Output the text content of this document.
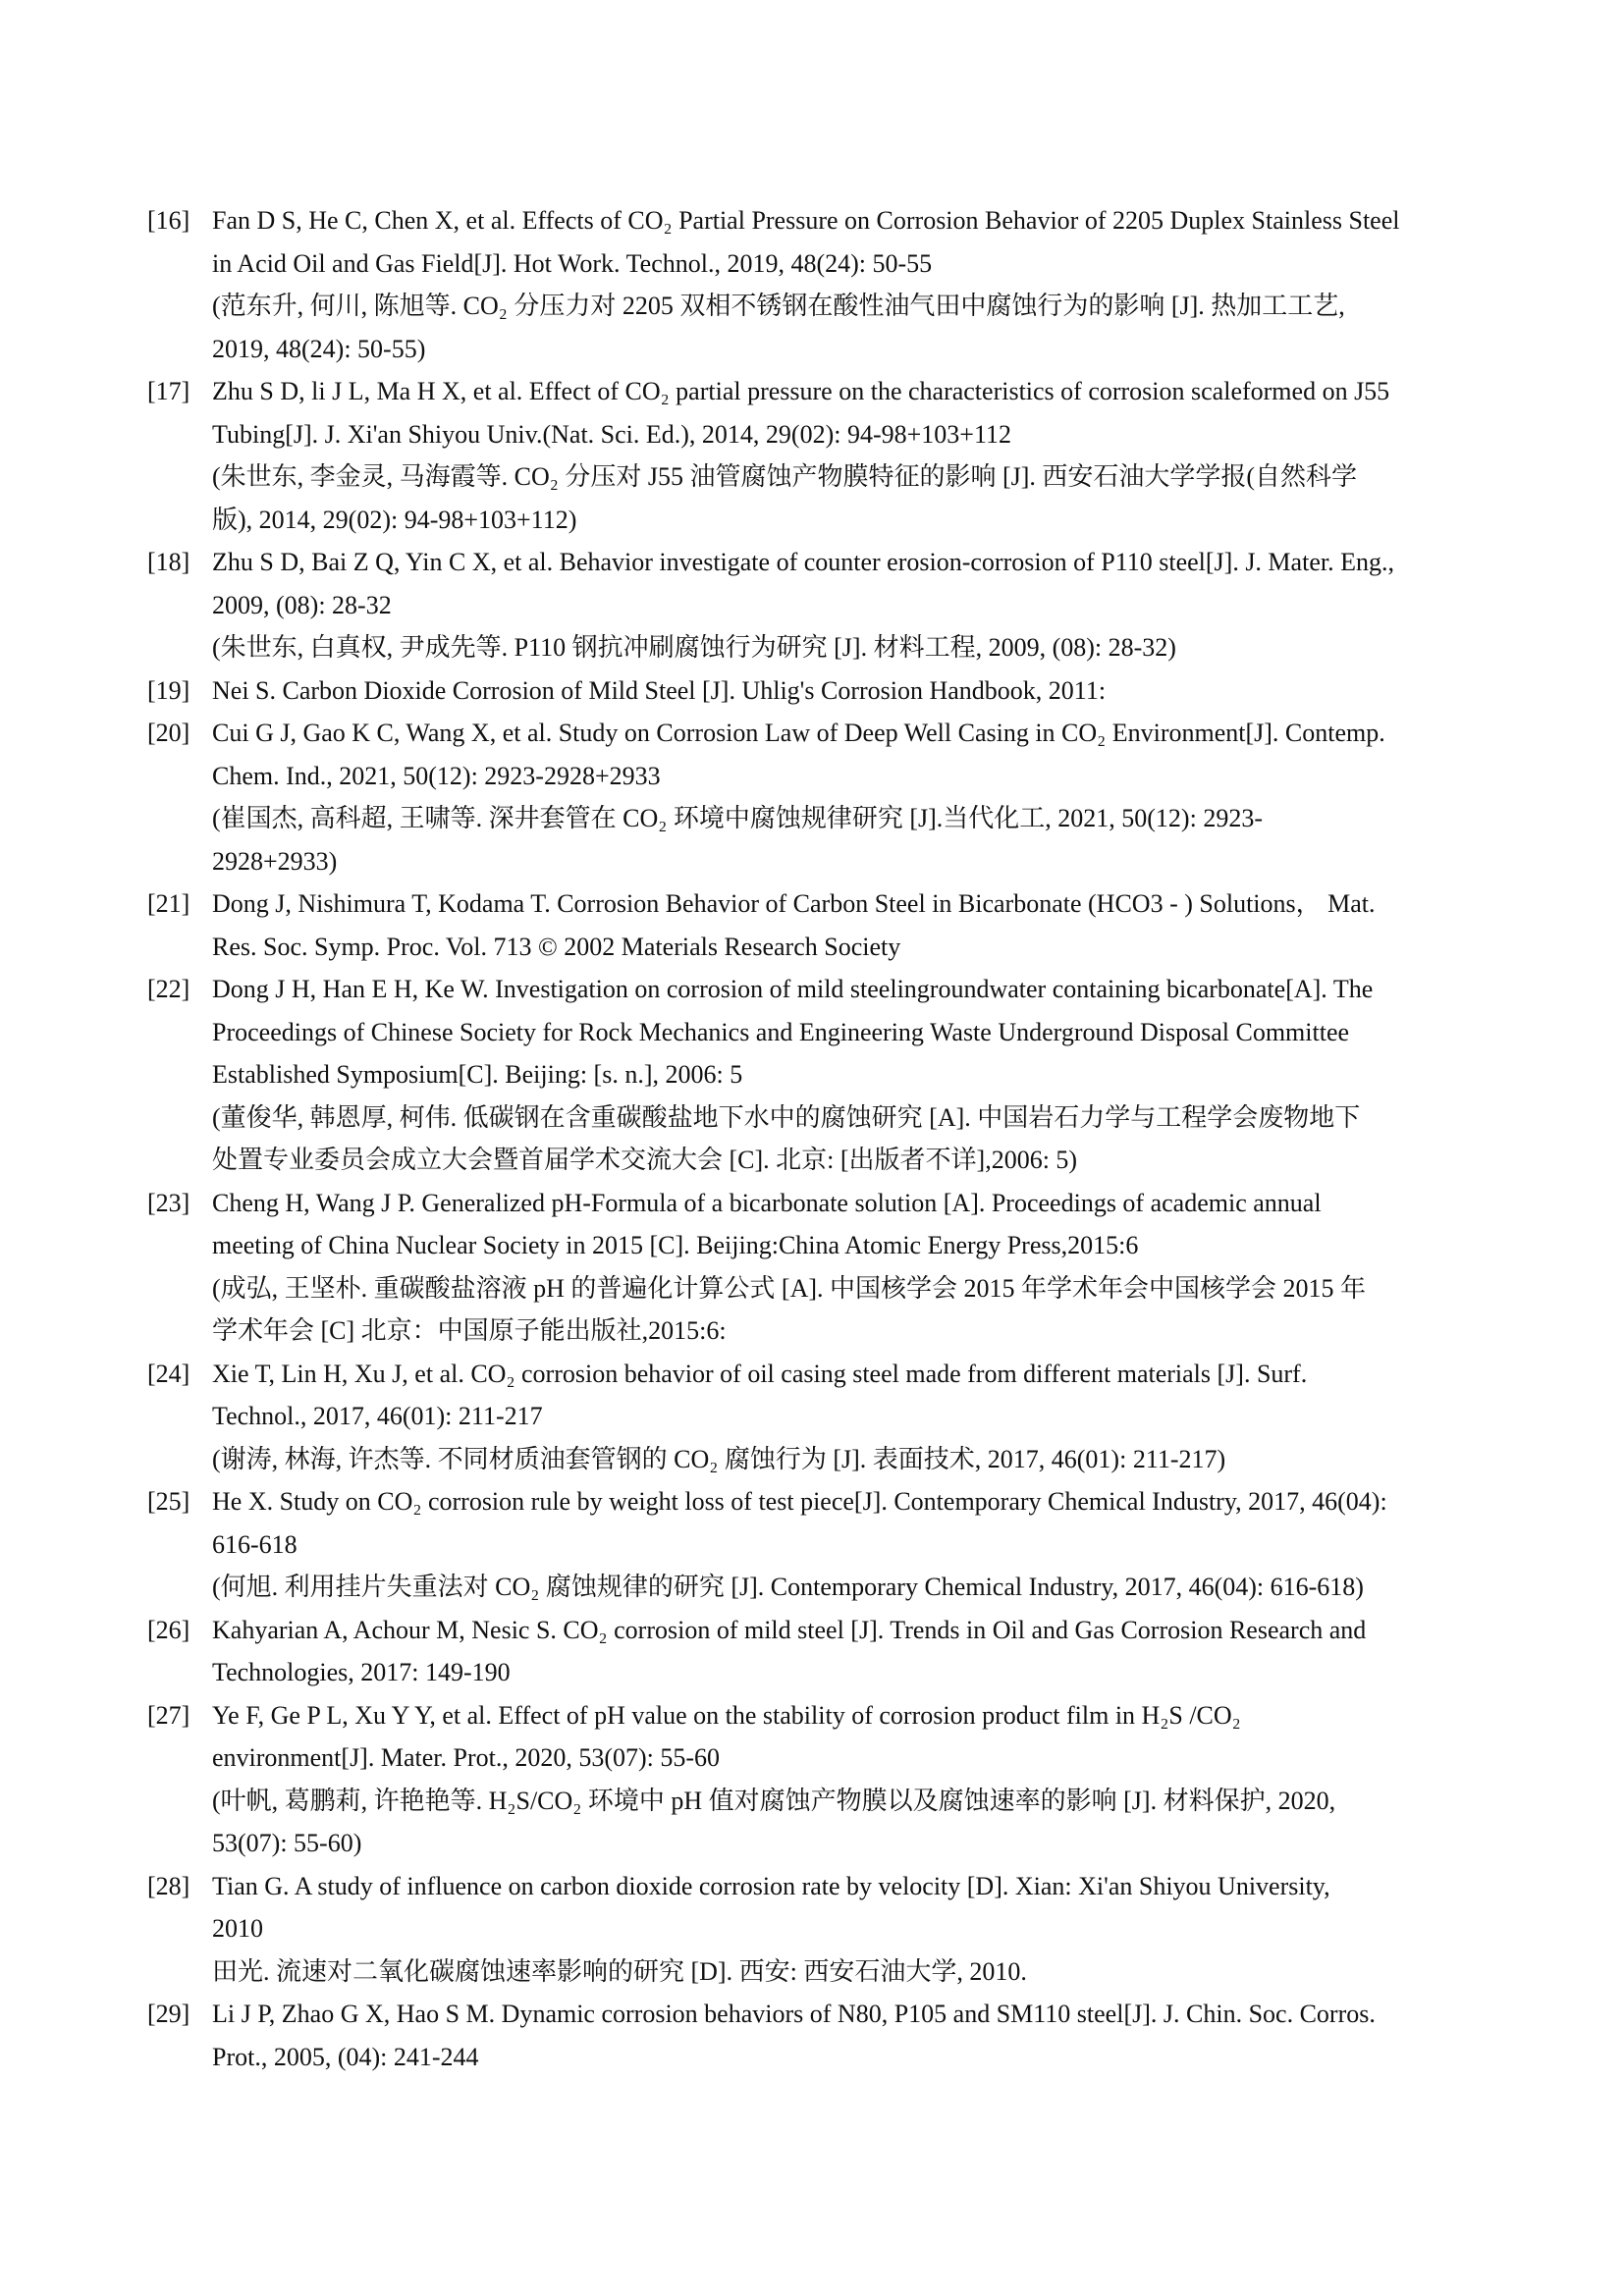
[16] Fan D S, He C, Chen X, et al. Effects of CO₂ Partial Pressure on Corrosion Behavior of 2205 Duplex Stainless Steel
in Acid Oil and Gas Field[J]. Hot Work. Technol., 2019, 48(24): 50-55
(范东升, 何川, 陈旭等. CO₂ 分压力对 2205 双相不锈钢在酸性油气田中腐蚀行为的影响 [J]. 热加工工艺,
2019, 48(24): 50-55)
[17] Zhu S D, li J L, Ma H X, et al. Effect of CO₂ partial pressure on the characteristics of corrosion scaleformed on J55
Tubing[J]. J. Xi'an Shiyou Univ.(Nat. Sci. Ed.), 2014, 29(02): 94-98+103+112
(朱世东, 李金灵, 马海霞等. CO₂ 分压对 J55 油管腐蚀产物膜特征的影响 [J]. 西安石油大学学报(自然科学
版), 2014, 29(02): 94-98+103+112)
[18] Zhu S D, Bai Z Q, Yin C X, et al. Behavior investigate of counter erosion-corrosion of P110 steel[J]. J. Mater. Eng.,
2009, (08): 28-32
(朱世东, 白真权, 尹成先等. P110 钢抗冲刷腐蚀行为研究 [J]. 材料工程, 2009, (08): 28-32)
[19] Nei S. Carbon Dioxide Corrosion of Mild Steel [J]. Uhlig's Corrosion Handbook, 2011:
[20] Cui G J, Gao K C, Wang X, et al. Study on Corrosion Law of Deep Well Casing in CO₂ Environment[J]. Contemp.
Chem. Ind., 2021, 50(12): 2923-2928+2933
(崔国杰, 高科超, 王啸等. 深井套管在 CO₂ 环境中腐蚀规律研究 [J].当代化工, 2021, 50(12): 2923-
2928+2933)
[21] Dong J, Nishimura T, Kodama T. Corrosion Behavior of Carbon Steel in Bicarbonate (HCO3 - ) Solutions， Mat.
Res. Soc. Symp. Proc. Vol. 713 © 2002 Materials Research Society
[22] Dong J H, Han E H, Ke W. Investigation on corrosion of mild steelingroundwater containing bicarbonate[A]. The
Proceedings of Chinese Society for Rock Mechanics and Engineering Waste Underground Disposal Committee
Established Symposium[C]. Beijing: [s. n.], 2006: 5
(董俊华, 韩恩厚, 柯伟. 低碳钢在含重碳酸盐地下水中的腐蚀研究 [A]. 中国岩石力学与工程学会废物地下
处置专业委员会成立大会暨首届学术交流大会 [C]. 北京: [出版者不详],2006: 5)
[23] Cheng H, Wang J P. Generalized pH-Formula of a bicarbonate solution [A]. Proceedings of academic annual
meeting of China Nuclear Society in 2015 [C]. Beijing:China Atomic Energy Press,2015:6
(成弘, 王坚朴. 重碳酸盐溶液 pH 的普遍化计算公式 [A]. 中国核学会 2015 年学术年会中国核学会 2015 年
学术年会 [C] 北京：中国原子能出版社,2015:6:
[24] Xie T, Lin H, Xu J, et al. CO₂ corrosion behavior of oil casing steel made from different materials [J]. Surf.
Technol., 2017, 46(01): 211-217
(谢涛, 林海, 许杰等. 不同材质油套管钢的 CO₂ 腐蚀行为 [J]. 表面技术, 2017, 46(01): 211-217)
[25] He X. Study on CO₂ corrosion rule by weight loss of test piece[J]. Contemporary Chemical Industry, 2017, 46(04):
616-618
(何旭. 利用挂片失重法对 CO₂ 腐蚀规律的研究 [J]. Contemporary Chemical Industry, 2017, 46(04): 616-618)
[26] Kahyarian A, Achour M, Nesic S. CO₂ corrosion of mild steel [J]. Trends in Oil and Gas Corrosion Research and
Technologies, 2017: 149-190
[27] Ye F, Ge P L, Xu Y Y, et al. Effect of pH value on the stability of corrosion product film in H₂S /CO₂
environment[J]. Mater. Prot., 2020, 53(07): 55-60
(叶帆, 葛鹏莉, 许艳艳等. H₂S/CO₂ 环境中 pH 值对腐蚀产物膜以及腐蚀速率的影响 [J]. 材料保护, 2020,
53(07): 55-60)
[28] Tian G. A study of influence on carbon dioxide corrosion rate by velocity [D]. Xian: Xi'an Shiyou University,
2010
田光. 流速对二氧化碳腐蚀速率影响的研究 [D]. 西安: 西安石油大学, 2010.
[29] Li J P, Zhao G X, Hao S M. Dynamic corrosion behaviors of N80, P105 and SM110 steel[J]. J. Chin. Soc. Corros.
Prot., 2005, (04): 241-244
